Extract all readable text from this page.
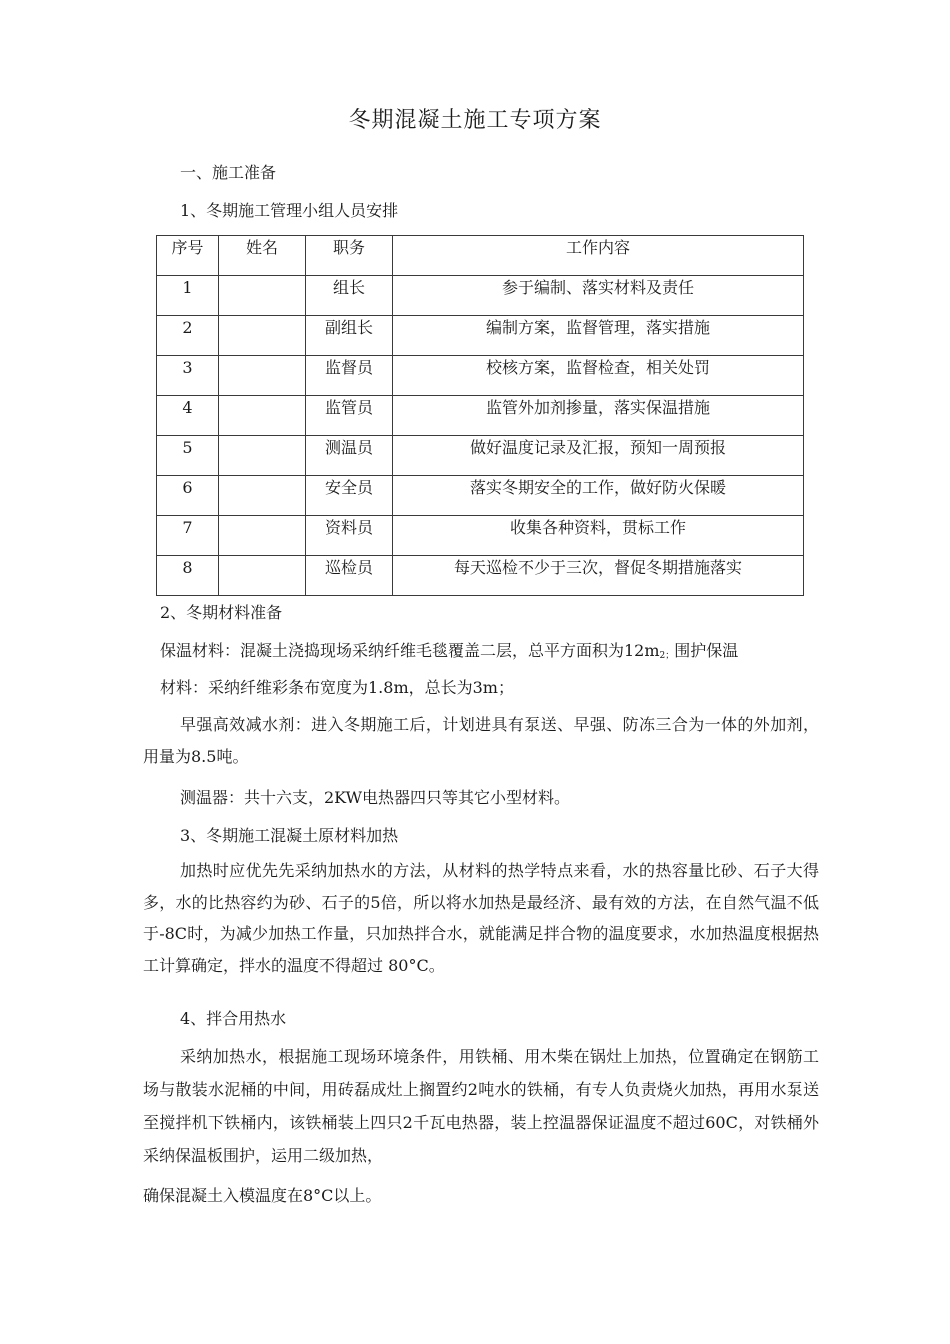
冬期混凝土施工专项方案
一、施工准备
1、冬期施工管理小组人员安排
序号	姓名	职务	工作内容
1		组长	参于编制、落实材料及责任
2		副组长	编制方案，监督管理，落实措施
3		监督员	校核方案，监督检查，相关处罚
4		监管员	监管外加剂掺量，落实保温措施
5		测温员	做好温度记录及汇报，预知一周预报
6		安全员	落实冬期安全的工作，做好防火保暖
7		资料员	收集各种资料，贯标工作
8		巡检员	每天巡检不少于三次，督促冬期措施落实
2、冬期材料准备
保温材料：混凝土浇捣现场采纳纤维毛毯覆盖二层，总平方面积为$12m_{2;}$围护保温
材料：采纳纤维彩条布宽度为1.8m，总长为3m；
早强高效减水剂：进入冬期施工后，计划进具有泵送、早强、防冻三合为一体的外加剂，用量为8.5吨。
测温器：共十六支，2KW电热器四只等其它小型材料。
3、冬期施工混凝土原材料加热
加热时应优先先采纳加热水的方法，从材料的热学特点来看，水的热容量比砂、石子大得多，水的比热容约为砂、石子的5倍，所以将水加热是最经济、最有效的方法，在自然气温不低于-8C时，为减少加热工作量，只加热拌合水，就能满足拌合物的温度要求，水加热温度根据热工计算确定，拌水的温度不得超过 80°C。
4、拌合用热水
采纳加热水，根据施工现场环境条件，用铁桶、用木柴在锅灶上加热，位置确定在钢筋工场与散装水泥桶的中间，用砖磊成灶上搁置约2吨水的铁桶，有专人负责烧火加热，再用水泵送至搅拌机下铁桶内，该铁桶装上四只2千瓦电热器，装上控温器保证温度不超过60C，对铁桶外采纳保温板围护，运用二级加热，
确保混凝土入模温度在8°C以上。
